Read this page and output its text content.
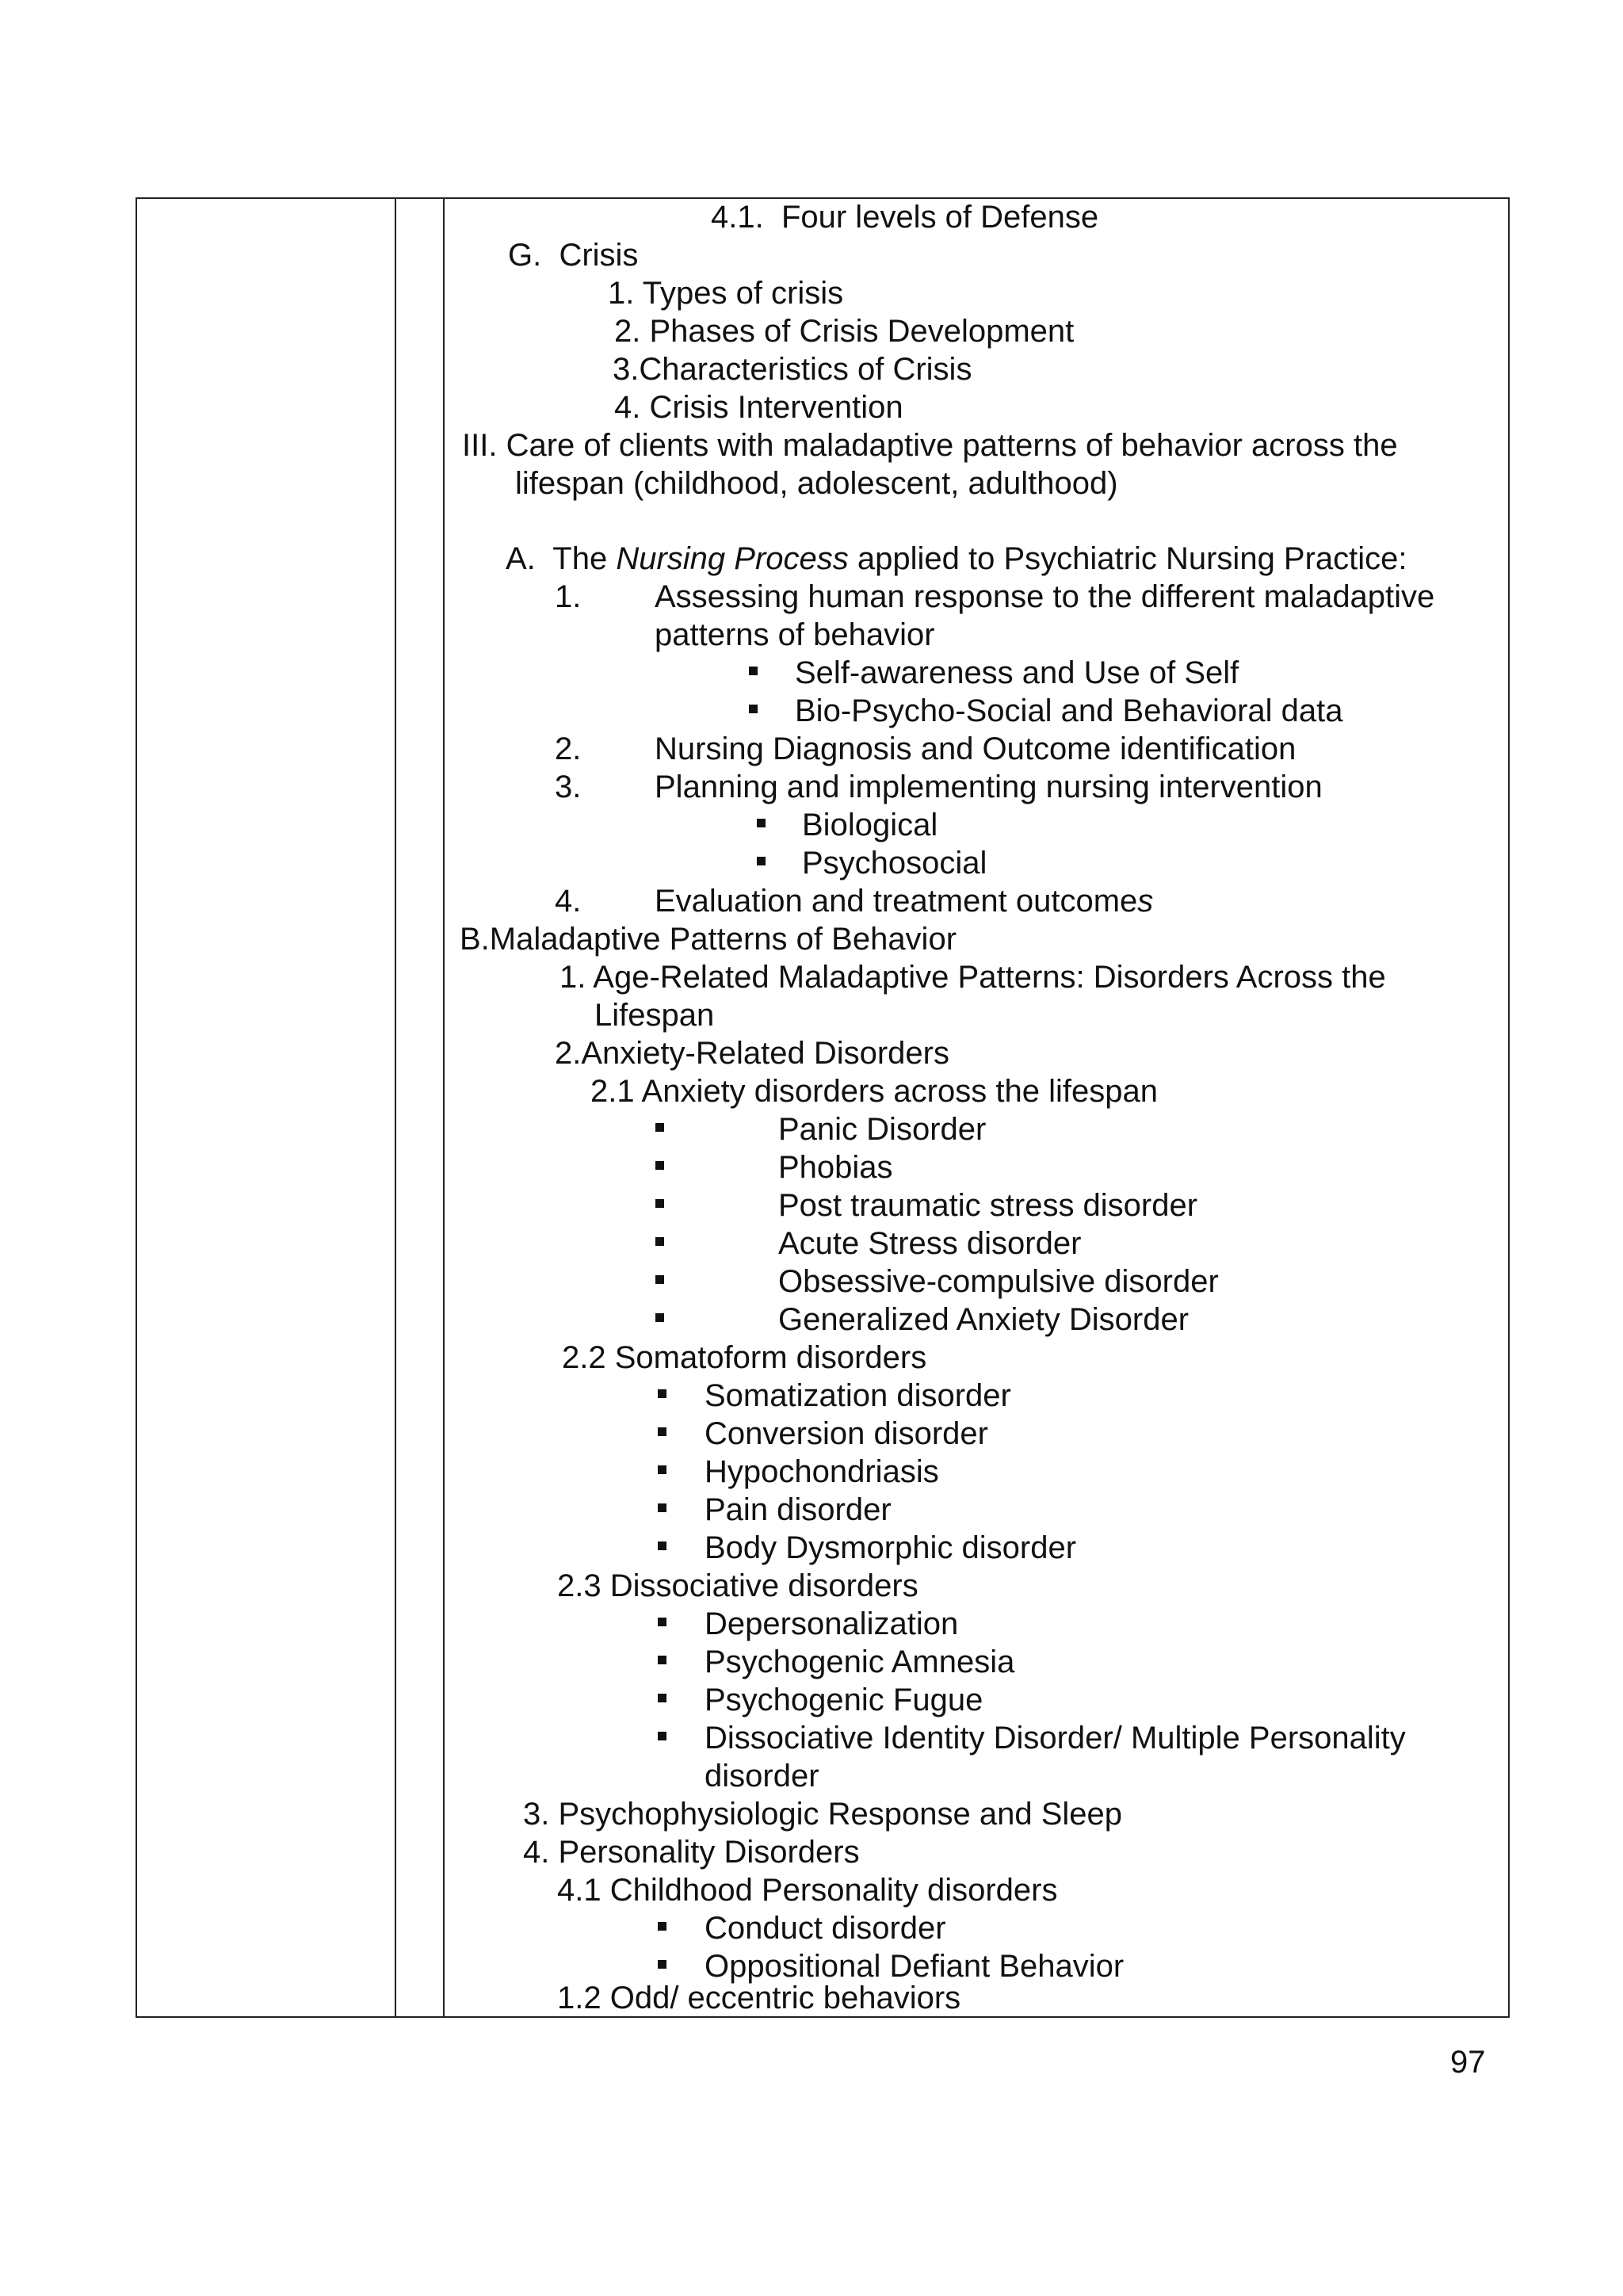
4.1.  Four levels of Defense
G.  Crisis
1. Types of crisis
2. Phases of Crisis Development
3.Characteristics of Crisis
4. Crisis Intervention
III. Care of clients with maladaptive patterns of behavior across the
lifespan (childhood, adolescent, adulthood)
A.  The Nursing Process applied to Psychiatric Nursing Practice:
1. Assessing human response to the different maladaptive
patterns of behavior
Self-awareness and Use of Self
Bio-Psycho-Social and Behavioral data
2. Nursing Diagnosis and Outcome identification
3. Planning and implementing nursing intervention
Biological
Psychosocial
4. Evaluation and treatment outcomes
B.Maladaptive Patterns of Behavior
1. Age-Related Maladaptive Patterns: Disorders Across the
Lifespan
2.Anxiety-Related Disorders
2.1 Anxiety disorders across the lifespan
Panic Disorder
Phobias
Post traumatic stress disorder
Acute Stress disorder
Obsessive-compulsive disorder
Generalized Anxiety Disorder
2.2 Somatoform disorders
Somatization disorder
Conversion disorder
Hypochondriasis
Pain disorder
Body Dysmorphic disorder
2.3 Dissociative disorders
Depersonalization
Psychogenic Amnesia
Psychogenic Fugue
Dissociative Identity Disorder/ Multiple Personality
disorder
3. Psychophysiologic Response and Sleep
4. Personality Disorders
4.1 Childhood Personality disorders
Conduct disorder
Oppositional Defiant Behavior
1.2 Odd/ eccentric behaviors
97
